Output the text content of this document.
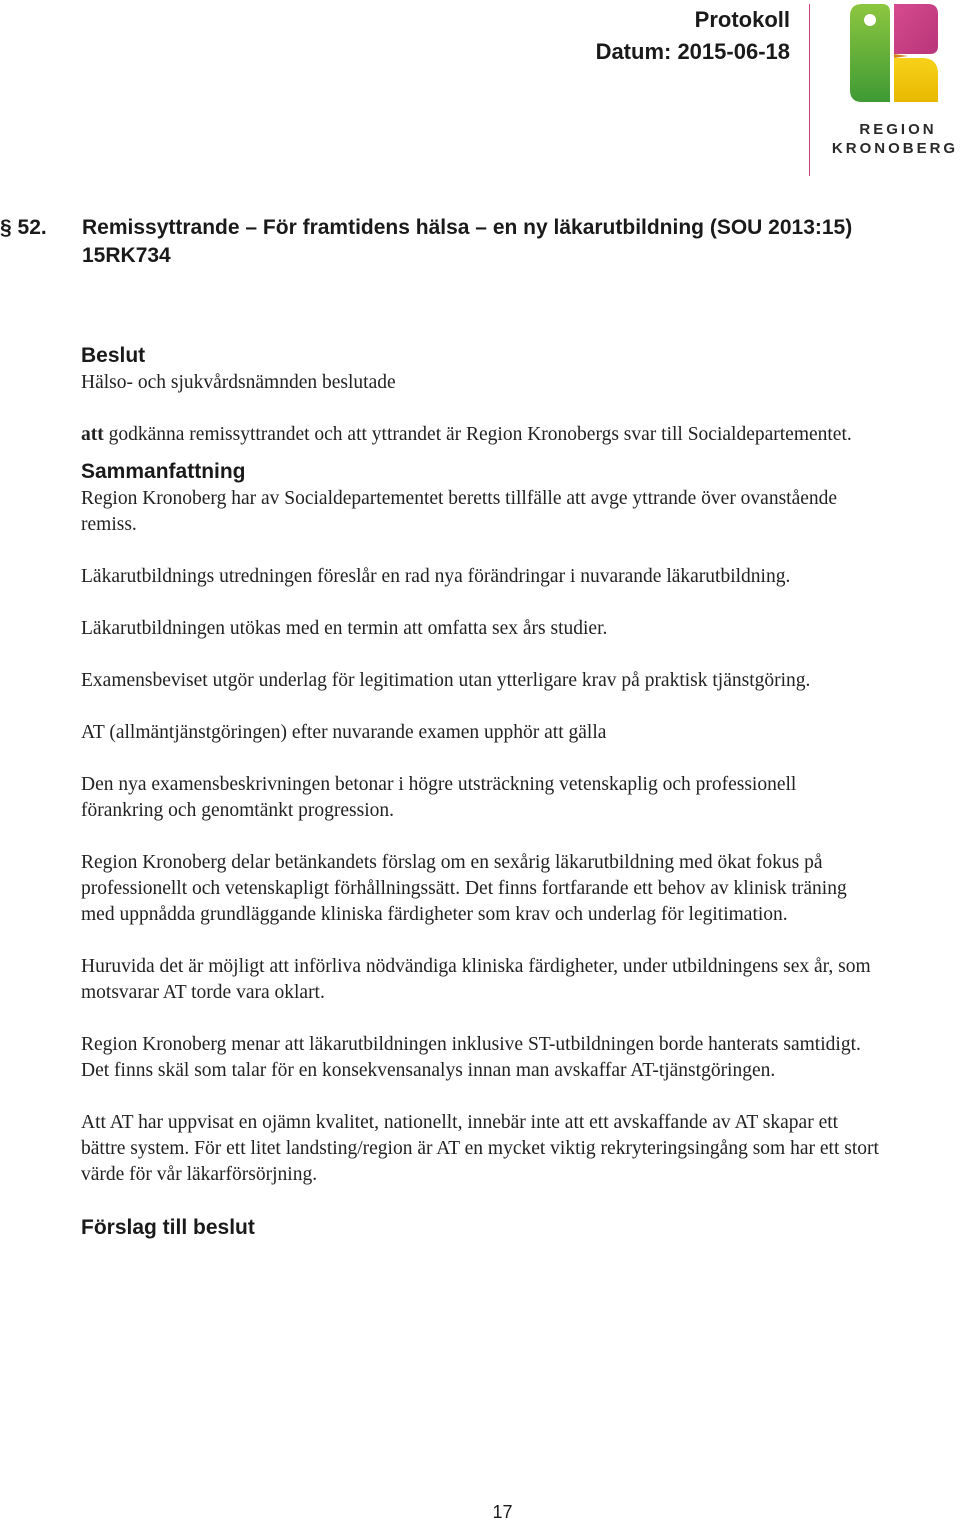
Protokoll
Datum: 2015-06-18
REGION
KRONOBERG
§ 52.	Remissyttrande – För framtidens hälsa – en ny läkarutbildning (SOU 2013:15) 15RK734
Beslut

Hälso- och sjukvårdsnämnden beslutade

att godkänna remissyttrandet och att yttrandet är Region Kronobergs svar till Socialdepartementet.

Sammanfattning

Region Kronoberg har av Socialdepartementet beretts tillfälle att avge yttrande över ovanstående remiss.

Läkarutbildnings utredningen föreslår en rad nya förändringar i nuvarande läkarutbildning.

Läkarutbildningen utökas med en termin att omfatta sex års studier.

Examensbeviset utgör underlag för legitimation utan ytterligare krav på praktisk tjänstgöring.

AT (allmäntjänstgöringen) efter nuvarande examen upphör att gälla

Den nya examensbeskrivningen betonar i högre utsträckning vetenskaplig och professionell förankring och genomtänkt progression.

Region Kronoberg delar betänkandets förslag om en sexårig läkarutbildning med ökat fokus på professionellt och vetenskapligt förhållningssätt. Det finns fortfarande ett behov av klinisk träning med uppnådda grundläggande kliniska färdigheter som krav och underlag för legitimation.

Huruvida det är möjligt att införliva nödvändiga kliniska färdigheter, under utbildningens sex år, som motsvarar AT torde vara oklart.

Region Kronoberg menar att läkarutbildningen inklusive ST-utbildningen borde hanterats samtidigt. Det finns skäl som talar för en konsekvensanalys innan man avskaffar AT-tjänstgöringen.

Att AT har uppvisat en ojämn kvalitet, nationellt, innebär inte att ett avskaffande av AT skapar ett bättre system. För ett litet landsting/region är AT en mycket viktig rekryteringsingång som har ett stort värde för vår läkarförsörjning.

Förslag till beslut
17
